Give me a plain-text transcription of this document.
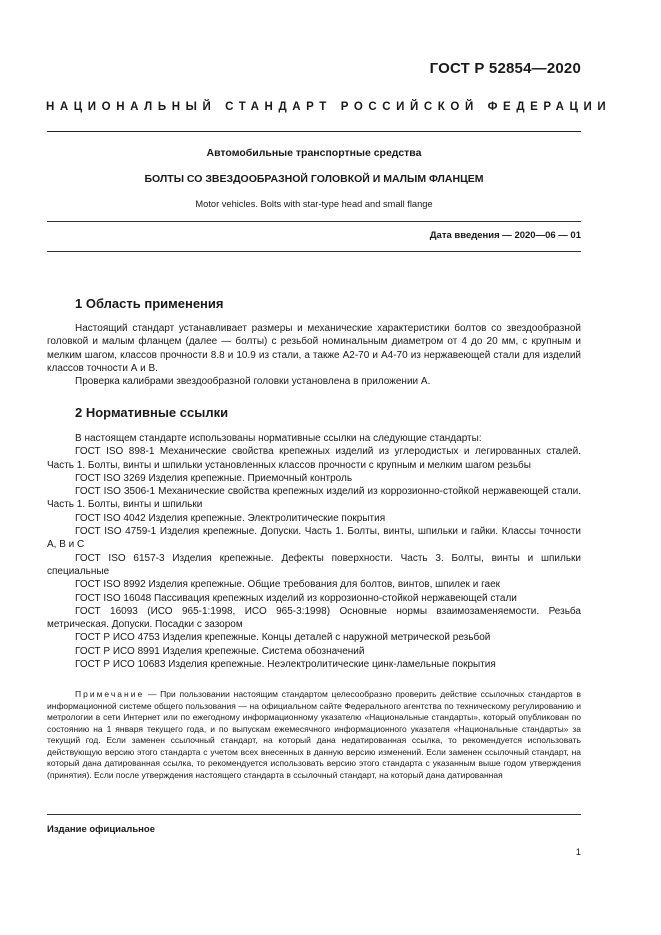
ГОСТ Р 52854—2020
НАЦИОНАЛЬНЫЙ СТАНДАРТ РОССИЙСКОЙ ФЕДЕРАЦИИ
Автомобильные транспортные средства
БОЛТЫ СО ЗВЕЗДООБРАЗНОЙ ГОЛОВКОЙ И МАЛЫМ ФЛАНЦЕМ
Motor vehicles. Bolts with star-type head and small flange
Дата введения — 2020—06 — 01
1 Область применения

Настоящий стандарт устанавливает размеры и механические характеристики болтов со звездообразной головкой и малым фланцем (далее — болты) с резьбой номинальным диаметром от 4 до 20 мм, с крупным и мелким шагом, классов прочности 8.8 и 10.9 из стали, а также А2-70 и А4-70 из нержавеющей стали для изделий классов точности А и В.

Проверка калибрами звездообразной головки установлена в приложении А.

2 Нормативные ссылки

В настоящем стандарте использованы нормативные ссылки на следующие стандарты:

ГОСТ ISO 898-1 Механические свойства крепежных изделий из углеродистых и легированных сталей. Часть 1. Болты, винты и шпильки установленных классов прочности с крупным и мелким шагом резьбы

ГОСТ ISO 3269 Изделия крепежные. Приемочный контроль

ГОСТ ISO 3506-1 Механические свойства крепежных изделий из коррозионно-стойкой нержавеющей стали. Часть 1. Болты, винты и шпильки

ГОСТ ISO 4042 Изделия крепежные. Электролитические покрытия

ГОСТ ISO 4759-1 Изделия крепежные. Допуски. Часть 1. Болты, винты, шпильки и гайки. Классы точности А, В и С

ГОСТ ISO 6157-3 Изделия крепежные. Дефекты поверхности. Часть 3. Болты, винты и шпильки специальные

ГОСТ ISO 8992 Изделия крепежные. Общие требования для болтов, винтов, шпилек и гаек

ГОСТ ISO 16048 Пассивация крепежных изделий из коррозионно-стойкой нержавеющей стали

ГОСТ 16093 (ИСО 965-1:1998, ИСО 965-3:1998) Основные нормы взаимозаменяемости. Резьба метрическая. Допуски. Посадки с зазором

ГОСТ Р ИСО 4753 Изделия крепежные. Концы деталей с наружной метрической резьбой

ГОСТ Р ИСО 8991 Изделия крепежные. Система обозначений

ГОСТ Р ИСО 10683 Изделия крепежные. Неэлектролитические цинк-ламельные покрытия

Примечание — При пользовании настоящим стандартом целесообразно проверить действие ссылочных стандартов в информационной системе общего пользования — на официальном сайте Федерального агентства по техническому регулированию и метрологии в сети Интернет или по ежегодному информационному указателю «Национальные стандарты», который опубликован по состоянию на 1 января текущего года, и по выпускам ежемесячного информационного указателя «Национальные стандарты» за текущий год. Если заменен ссылочный стандарт, на который дана недатированная ссылка, то рекомендуется использовать действующую версию этого стандарта с учетом всех внесенных в данную версию изменений. Если заменен ссылочный стандарт, на который дана датированная ссылка, то рекомендуется использовать версию этого стандарта с указанным выше годом утверждения (принятия). Если после утверждения настоящего стандарта в ссылочный стандарт, на который дана датированная
Издание официальное
1
